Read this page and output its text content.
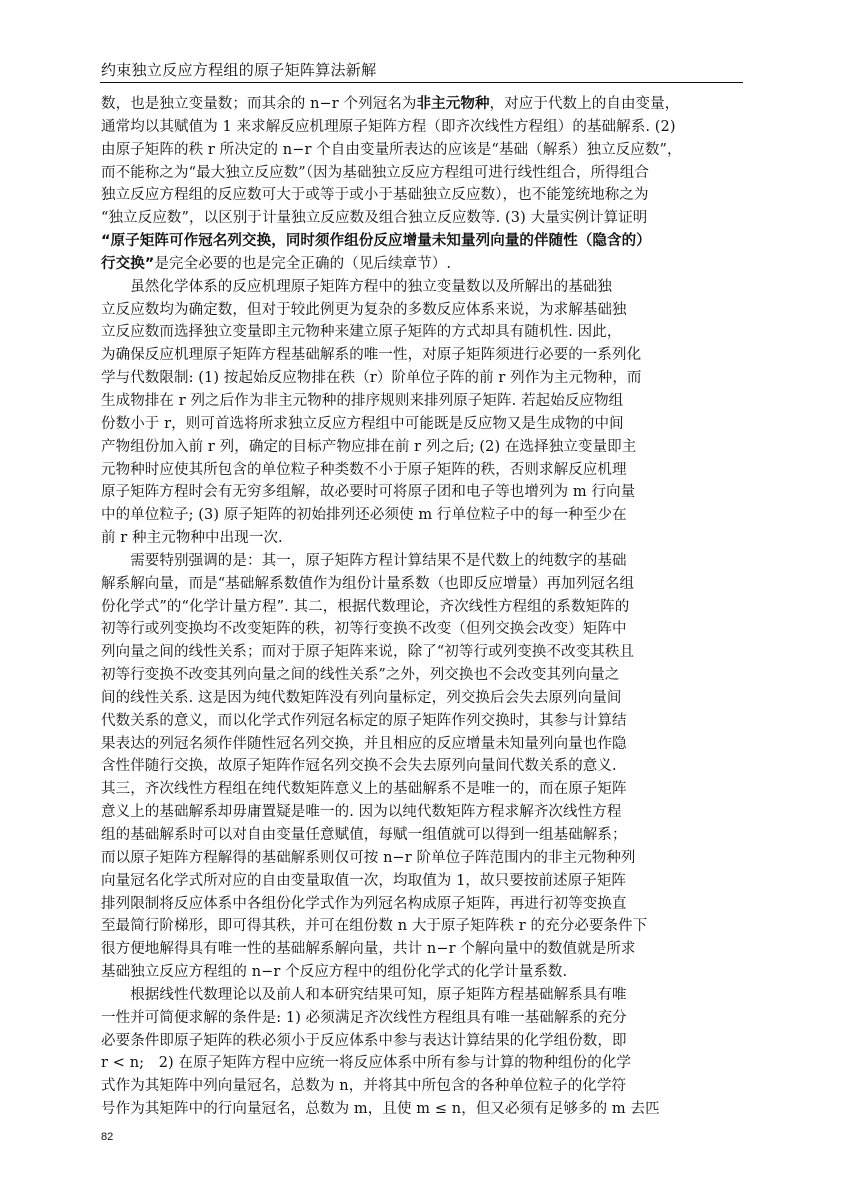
约束独立反应方程组的原子矩阵算法新解
数，也是独立变量数；而其余的 n−r 个列冠名为非主元物种，对应于代数上的自由变量，
通常均以其赋值为 1 来求解反应机理原子矩阵方程（即齐次线性方程组）的基础解系. (2)
由原子矩阵的秩 r 所决定的 n−r 个自由变量所表达的应该是“基础（解系）独立反应数”，
而不能称之为“最大独立反应数”（因为基础独立反应方程组可进行线性组合，所得组合
独立反应方程组的反应数可大于或等于或小于基础独立反应数），也不能笼统地称之为
“独立反应数”，以区别于计量独立反应数及组合独立反应数等. (3) 大量实例计算证明
“原子矩阵可作冠名列交换，同时须作组份反应增量未知量列向量的伴随性（隐含的）
行交换”是完全必要的也是完全正确的（见后续章节）.
　　虽然化学体系的反应机理原子矩阵方程中的独立变量数以及所解出的基础独
立反应数均为确定数，但对于较此例更为复杂的多数反应体系来说，为求解基础独
立反应数而选择独立变量即主元物种来建立原子矩阵的方式却具有随机性. 因此，
为确保反应机理原子矩阵方程基础解系的唯一性，对原子矩阵须进行必要的一系列化
学与代数限制: (1) 按起始反应物排在秩（r）阶单位子阵的前 r 列作为主元物种，而
生成物排在 r 列之后作为非主元物种的排序规则来排列原子矩阵. 若起始反应物组
份数小于 r，则可首选将所求独立反应方程组中可能既是反应物又是生成物的中间
产物组份加入前 r 列，确定的目标产物应排在前 r 列之后; (2) 在选择独立变量即主
元物种时应使其所包含的单位粒子种类数不小于原子矩阵的秩，否则求解反应机理
原子矩阵方程时会有无穷多组解，故必要时可将原子团和电子等也增列为 m 行向量
中的单位粒子; (3) 原子矩阵的初始排列还必须使 m 行单位粒子中的每一种至少在
前 r 种主元物种中出现一次.
　　需要特别强调的是：其一，原子矩阵方程计算结果不是代数上的纯数字的基础
解系解向量，而是“基础解系数值作为组份计量系数（也即反应增量）再加列冠名组
份化学式”的“化学计量方程”. 其二，根据代数理论，齐次线性方程组的系数矩阵的
初等行或列变换均不改变矩阵的秩，初等行变换不改变（但列交换会改变）矩阵中
列向量之间的线性关系；而对于原子矩阵来说，除了“初等行或列变换不改变其秩且
初等行变换不改变其列向量之间的线性关系”之外，列交换也不会改变其列向量之
间的线性关系. 这是因为纯代数矩阵没有列向量标定，列交换后会失去原列向量间
代数关系的意义，而以化学式作列冠名标定的原子矩阵作列交换时，其参与计算结
果表达的列冠名须作伴随性冠名列交换，并且相应的反应增量未知量列向量也作隐
含性伴随行交换，故原子矩阵作冠名列交换不会失去原列向量间代数关系的意义.
其三，齐次线性方程组在纯代数矩阵意义上的基础解系不是唯一的，而在原子矩阵
意义上的基础解系却毋庸置疑是唯一的. 因为以纯代数矩阵方程求解齐次线性方程
组的基础解系时可以对自由变量任意赋值，每赋一组值就可以得到一组基础解系；
而以原子矩阵方程解得的基础解系则仅可按 n−r 阶单位子阵范围内的非主元物种列
向量冠名化学式所对应的自由变量取值一次，均取值为 1，故只要按前述原子矩阵
排列限制将反应体系中各组份化学式作为列冠名构成原子矩阵，再进行初等变换直
至最简行阶梯形，即可得其秩，并可在组份数 n 大于原子矩阵秩 r 的充分必要条件下
很方便地解得具有唯一性的基础解系解向量，共计 n−r 个解向量中的数值就是所求
基础独立反应方程组的 n−r 个反应方程中的组份化学式的化学计量系数.
　　根据线性代数理论以及前人和本研究结果可知，原子矩阵方程基础解系具有唯
一性并可简便求解的条件是: 1) 必须满足齐次线性方程组具有唯一基础解系的充分
必要条件即原子矩阵的秩必须小于反应体系中参与表达计算结果的化学组份数，即
r < n;　2) 在原子矩阵方程中应统一将反应体系中所有参与计算的物种组份的化学
式作为其矩阵中列向量冠名，总数为 n，并将其中所包含的各种单位粒子的化学符
号作为其矩阵中的行向量冠名，总数为 m，且使 m ≤ n，但又必须有足够多的 m 去匹
82
